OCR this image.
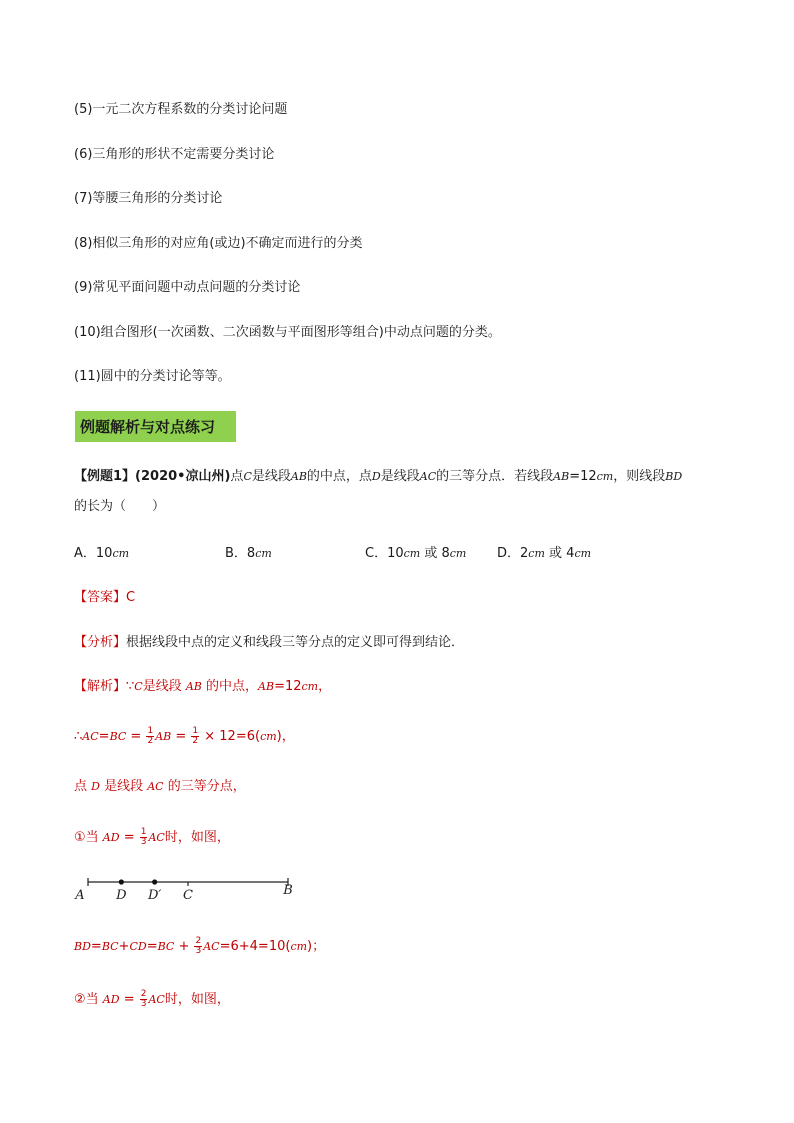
(5)一元二次方程系数的分类讨论问题
(6)三角形的形状不定需要分类讨论
(7)等腰三角形的分类讨论
(8)相似三角形的对应角(或边)不确定而进行的分类
(9)常见平面问题中动点问题的分类讨论
(10)组合图形(一次函数、二次函数与平面图形等组合)中动点问题的分类。
(11)圆中的分类讨论等等。
例题解析与对点练习
【例题1】(2020•凉山州)点C是线段AB的中点，点D是线段AC的三等分点．若线段AB=12cm，则线段BD
的长为（　　）
A．10cm	B．8cm	C．10cm 或 8cm D．2cm 或 4cm
【答案】C
【分析】根据线段中点的定义和线段三等分点的定义即可得到结论．
【解析】∵C是线段 AB 的中点，AB=12cm，
∴AC=BC = $\frac{1}{2}$ AB = $\frac{1}{2} \times 12=6(cm)$，
点 D 是线段 AC 的三等分点，
①当 AD = $\frac{1}{3}$ AC时，如图，
A D D′ C	B
$BD=BC+CD=BC + \frac{2}{3} AC=6+4=10(cm)$；
②当 AD = $\frac{2}{3}$ AC时，如图，
